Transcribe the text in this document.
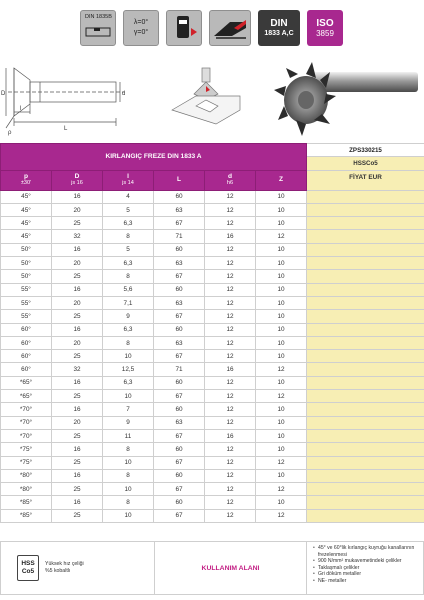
DIN 1835B
λ=0°
γ=0°
DIN
1833 A,C
ISO
3859
D	d
L
l
ρ
KIRLANGIÇ FREZE DIN 1833 A						ZPS330215
						HSSCo5
p
±30'	D
js 16	l
js 14	L	d
h6	Z	FİYAT EUR
45°	16	4	60	12	10	
45°	20	5	63	12	10	
45°	25	6,3	67	12	10	
45°	32	8	71	16	12	
50°	16	5	60	12	10	
50°	20	6,3	63	12	10	
50°	25	8	67	12	10	
55°	16	5,6	60	12	10	
55°	20	7,1	63	12	10	
55°	25	9	67	12	10	
60°	16	6,3	60	12	10	
60°	20	8	63	12	10	
60°	25	10	67	12	10	
60°	32	12,5	71	16	12	
*65°	16	6,3	60	12	10	
*65°	25	10	67	12	12	
*70°	16	7	60	12	10	
*70°	20	9	63	12	10	
*70°	25	11	67	16	10	
*75°	16	8	60	12	10	
*75°	25	10	67	12	12	
*80°	16	8	60	12	10	
*80°	25	10	67	12	12	
*85°	16	8	60	12	10	
*85°	25	10	67	12	12	
HSS
Co5
Yüksek hız çeliği
%5 kobaltlı	KULLANIM ALANI
• 45° ve 60°lik kırlangıç kuyruğu kanallarının frezelenmesi
• 900 N/mm² mukavemetindeki çelikler
• Taklaşmalı çelikler
• Gri döküm metaller
• NE- metaller
